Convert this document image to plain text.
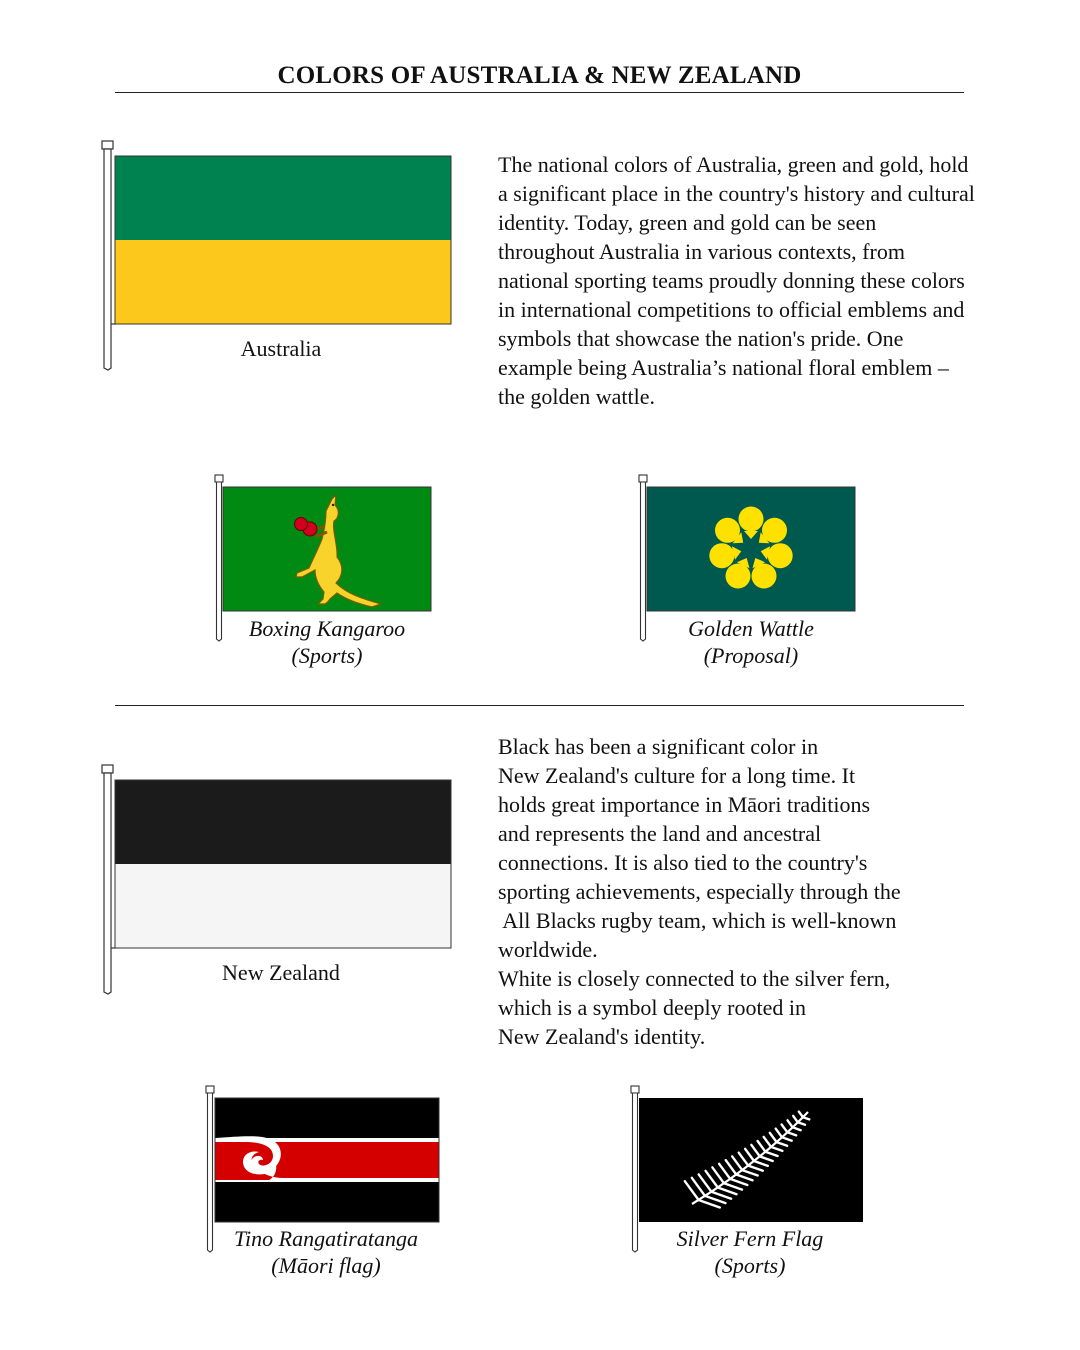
COLORS OF AUSTRALIA & NEW ZEALAND
Australia

The national colors of Australia, green and gold, hold a significant place in the country's history and cultural identity. Today, green and gold can be seen throughout Australia in various contexts, from national sporting teams proudly donning these colors in international competitions to official emblems and symbols that showcase the nation's pride. One example being Australia’s national floral emblem – the golden wattle.

Boxing Kangaroo
(Sports)
Golden Wattle
(Proposal)
New Zealand

Black has been a significant color in

New Zealand's culture for a long time. It

holds great importance in Māori traditions

and represents the land and ancestral

connections. It is also tied to the country's

sporting achievements, especially through the

All Blacks rugby team, which is well-known

worldwide.

White is closely connected to the silver fern,

which is a symbol deeply rooted in

New Zealand's identity.

Tino Rangatiratanga
(Māori flag)
Silver Fern Flag
(Sports)
